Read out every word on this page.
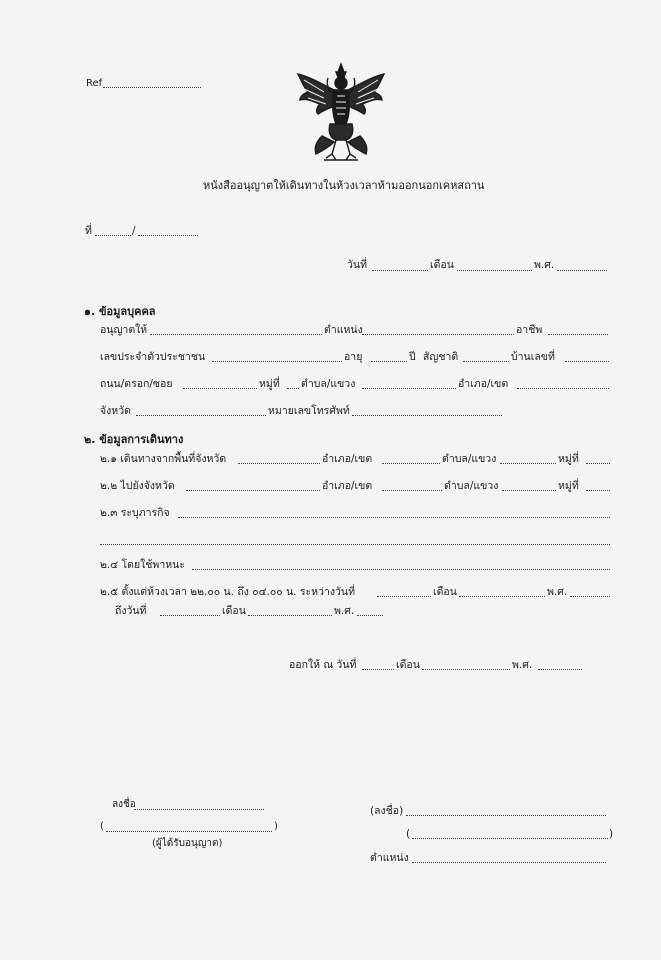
Ref
หนังสืออนุญาตให้เดินทางในห้วงเวลาห้ามออกนอกเคหสถาน
ที่	/
วันที่	เดือน	พ.ศ.
๑. ข้อมูลบุคคล
อนุญาตให้	ตำแหน่ง	อาชีพ
เลขประจำตัวประชาชน	อายุ	ปี สัญชาติ	บ้านเลขที่
ถนน/ตรอก/ซอย	หมู่ที่ ตำบล/แขวง	อำเภอ/เขต
จังหวัด	หมายเลขโทรศัพท์
๒. ข้อมูลการเดินทาง
๒.๑ เดินทางจากพื้นที่จังหวัด	อำเภอ/เขต	ตำบล/แขวง	หมู่ที่
๒.๒ ไปยังจังหวัด	อำเภอ/เขต	ตำบล/แขวง	หมู่ที่
๒.๓ ระบุภารกิจ
๒.๔ โดยใช้พาหนะ
๒.๕ ตั้งแต่ห้วงเวลา ๒๒.๐๐ น. ถึง ๐๔.๐๐ น. ระหว่างวันที่	เดือน	พ.ศ.
ถึงวันที่	เดือน	พ.ศ.
ออกให้ ณ วันที่	เดือน	พ.ศ.
ลงชื่อ
(	)
(ผู้ได้รับอนุญาต)
(ลงชื่อ)
(	)
ตำแหน่ง
